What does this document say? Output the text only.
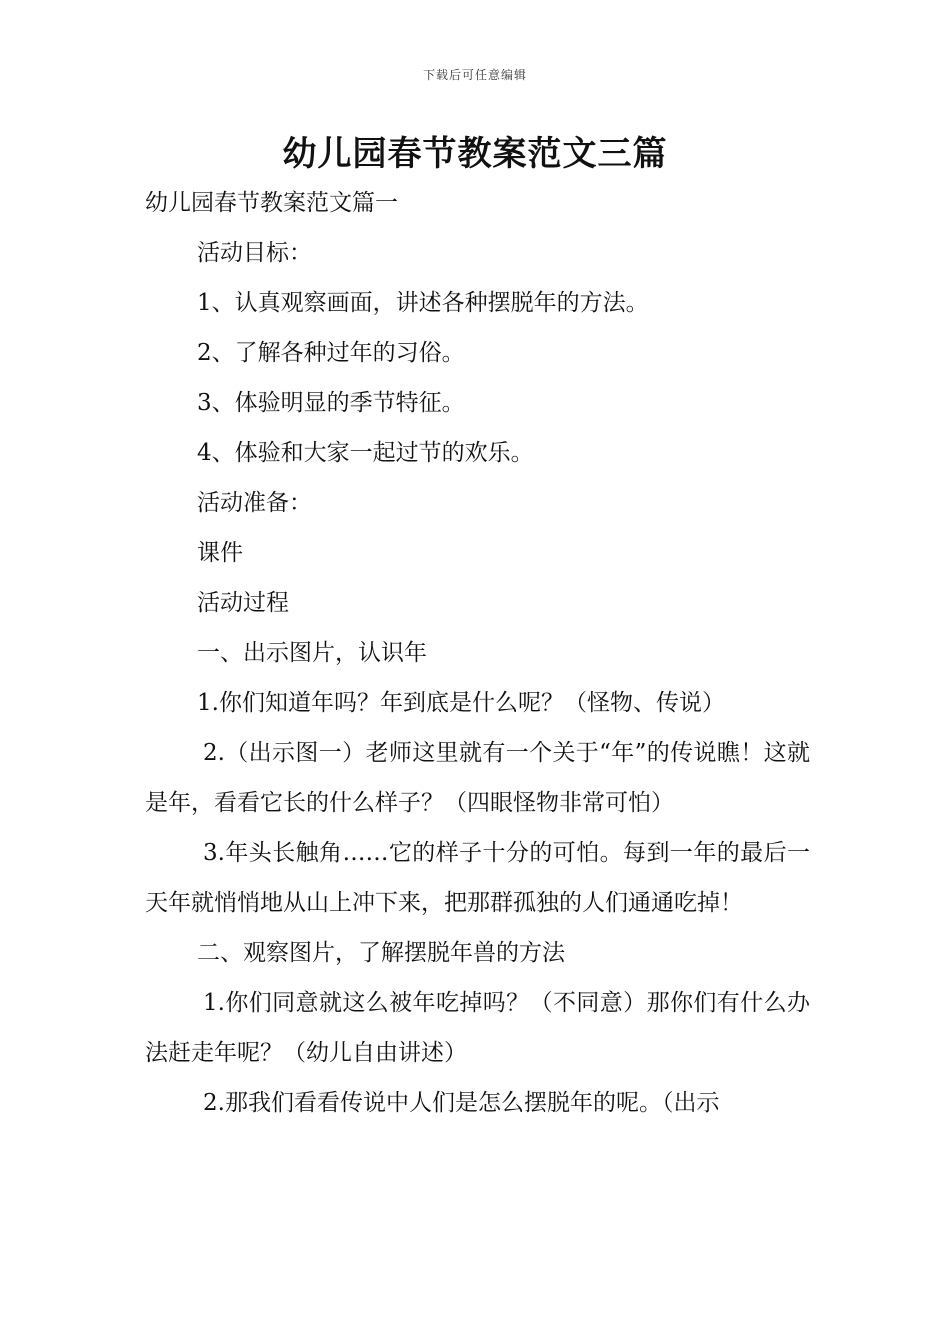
下载后可任意编辑
幼儿园春节教案范文三篇

幼儿园春节教案范文篇一

活动目标：

1、认真观察画面，讲述各种摆脱年的方法。

2、了解各种过年的习俗。

3、体验明显的季节特征。

4、体验和大家一起过节的欢乐。

活动准备：

课件

活动过程

一、出示图片，认识年

1.你们知道年吗？年到底是什么呢？（怪物、传说）

2.（出示图一）老师这里就有一个关于“年”的传说瞧！这就是年，看看它长的什么样子？（四眼怪物非常可怕）

3.年头长触角……它的样子十分的可怕。每到一年的最后一天年就悄悄地从山上冲下来，把那群孤独的人们通通吃掉！

二、观察图片，了解摆脱年兽的方法

1.你们同意就这么被年吃掉吗？（不同意）那你们有什么办法赶走年呢？（幼儿自由讲述）

2.那我们看看传说中人们是怎么摆脱年的呢。（出示
